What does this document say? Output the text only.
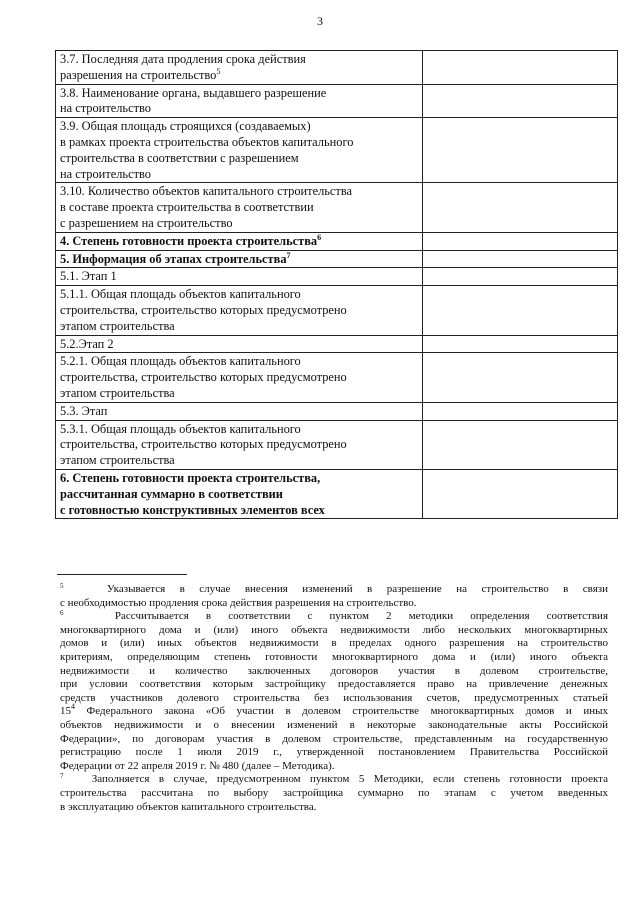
3
3.7. Последняя дата продления срока действия
разрешения на строительство$^5$

3.8. Наименование органа, выдавшего разрешение
на строительство	

3.9. Общая площадь строящихся (создаваемых)
в рамках проекта строительства объектов капитального
строительства в соответствии с разрешением
на строительство	

3.10. Количество объектов капитального строительства
в составе проекта строительства в соответствии
с разрешением на строительство	

4. Степень готовности проекта строительства$^6$

5. Информация об этапах строительства$^7$

5.1. Этап 1	

5.1.1. Общая площадь объектов капитального
строительства, строительство которых предусмотрено
этапом строительства	

5.2.Этап 2	

5.2.1. Общая площадь объектов капитального
строительства, строительство которых предусмотрено
этапом строительства	

5.3. Этап	

5.3.1. Общая площадь объектов капитального
строительства, строительство которых предусмотрено
этапом строительства	

6. Степень готовности проекта строительства,
рассчитанная суммарно в соответствии
с готовностью конструктивных элементов всех	

$^5$	Указывается в случае внесения изменений в разрешение на строительство в связи
с необходимостью продления срока действия разрешения на строительство.
$^6$	Рассчитывается в соответствии с пунктом 2 методики определения соответствия
многоквартирного дома и (или) иного объекта недвижимости либо нескольких многоквартирных
домов и (или) иных объектов недвижимости в пределах одного разрешения на строительство
критериям, определяющим степень готовности многоквартирного дома и (или) иного объекта
недвижимости и количество заключенных договоров участия в долевом строительстве,
при условии соответствия которым застройщику предоставляется право на привлечение денежных
средств участников долевого строительства без использования счетов, предусмотренных статьей
$15^4$ Федерального закона «Об участии в долевом строительстве многоквартирных домов и иных
объектов недвижимости и о внесении изменений в некоторые законодательные акты Российской
Федерации», по договорам участия в долевом строительстве, представленным на государственную
регистрацию после 1 июля 2019 г., утвержденной постановлением Правительства Российской
Федерации от 22 апреля 2019 г. № 480 (далее – Методика).
$^7$	Заполняется в случае, предусмотренном пунктом 5 Методики, если степень готовности проекта
строительства рассчитана по выбору застройщика суммарно по этапам с учетом введенных
в эксплуатацию объектов капитального строительства.
